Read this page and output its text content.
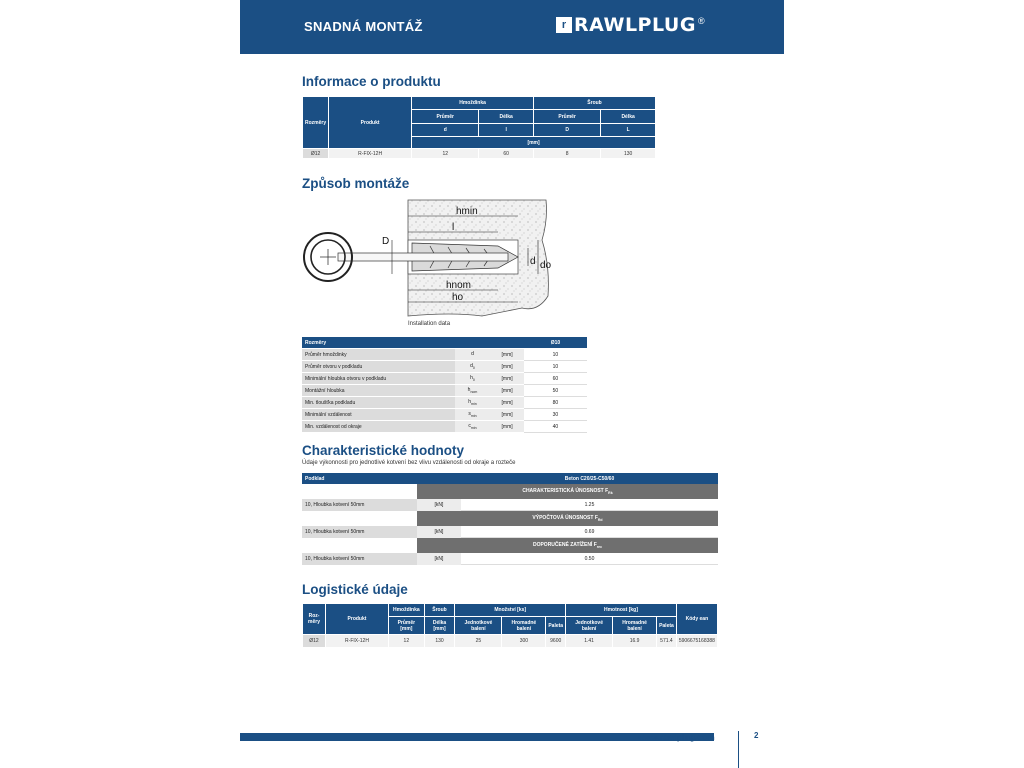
SNADNÁ MONTÁŽ	r RAWLPLUG ®
Informace o produktu
Rozměry	Produkt	Hmoždinka		Šroub	
		Průměr	Délka	Průměr	Délka
		d	l	D	L
		[mm]			
Ø12	R-FIX-12H	12	60	8	130
Způsob montáže
hmin
l
D
d do
hnom
ho
Installation data
Rozměry			Ø10
Průměr hmoždinky	d	[mm]	10
Průměr otvoru v podkladu	$d_0$	[mm]	10
Minimální hloubka otvoru v podkladu	$h_0$	[mm]	60
Montážní hloubka	$h_{nom}$	[mm]	50
Min. tloušťka podkladu	$h_{min}$	[mm]	80
Minimální vzdálenost	$s_{min}$	[mm]	30
Min. vzdálenost od okraje	$c_{min}$	[mm]	40
Charakteristické hodnoty
Údaje výkonnosti pro jednotlivé kotvení bez vlivu vzdálenosti od okraje a rozteče
Podklad		Beton C20/25-C50/60
	CHARAKTERISTICKÁ ÚNOSNOST $F_{Rk}$
10, Hloubka kotvení 50mm	[kN]	1.25
	VÝPOČTOVÁ ÚNOSNOST $F_{Rd}$
10, Hloubka kotvení 50mm	[kN]	0.69
	DOPORUČENÉ ZATÍŽENÍ $F_{rec}$
10, Hloubka kotvení 50mm	[kN]	0.50
Logistické údaje
Roz-měry	Produkt	Hmoždinka	Šroub	Množství [ks]			Hmotnost [kg]			Kódy ean
		Průměr [mm]	Délka [mm]	Jednotkové balení	Hromadné balení	Paleta	Jednotkové balení	Hromadné balení	Paleta	
Ø12	R-FIX-12H	12	130	25	300	9600	1.41	16.9	571.4	5906675168388
www.rawlplug.com	2
